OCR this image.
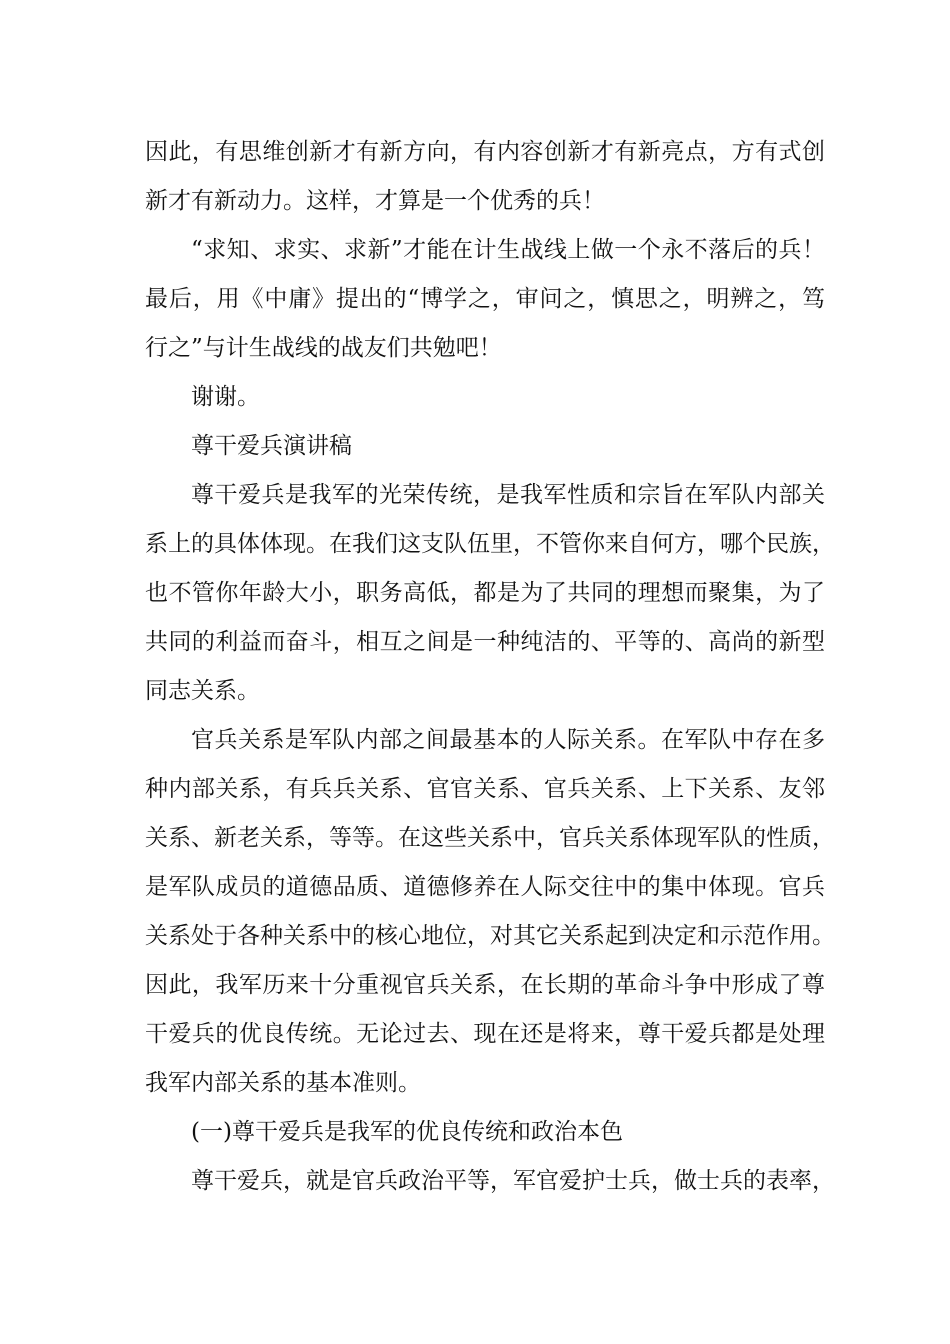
因此，有思维创新才有新方向，有内容创新才有新亮点，方有式创
新才有新动力。这样，才算是一个优秀的兵！
“求知、求实、求新”才能在计生战线上做一个永不落后的兵！
最后，用《中庸》提出的“博学之，审问之，慎思之，明辨之，笃
行之”与计生战线的战友们共勉吧！
谢谢。
尊干爱兵演讲稿
尊干爱兵是我军的光荣传统，是我军性质和宗旨在军队内部关
系上的具体体现。在我们这支队伍里，不管你来自何方，哪个民族，
也不管你年龄大小，职务高低，都是为了共同的理想而聚集，为了
共同的利益而奋斗，相互之间是一种纯洁的、平等的、高尚的新型
同志关系。
官兵关系是军队内部之间最基本的人际关系。在军队中存在多
种内部关系，有兵兵关系、官官关系、官兵关系、上下关系、友邻
关系、新老关系，等等。在这些关系中，官兵关系体现军队的性质，
是军队成员的道德品质、道德修养在人际交往中的集中体现。官兵
关系处于各种关系中的核心地位，对其它关系起到决定和示范作用。
因此，我军历来十分重视官兵关系，在长期的革命斗争中形成了尊
干爱兵的优良传统。无论过去、现在还是将来，尊干爱兵都是处理
我军内部关系的基本准则。
(一)尊干爱兵是我军的优良传统和政治本色
尊干爱兵，就是官兵政治平等，军官爱护士兵，做士兵的表率，
